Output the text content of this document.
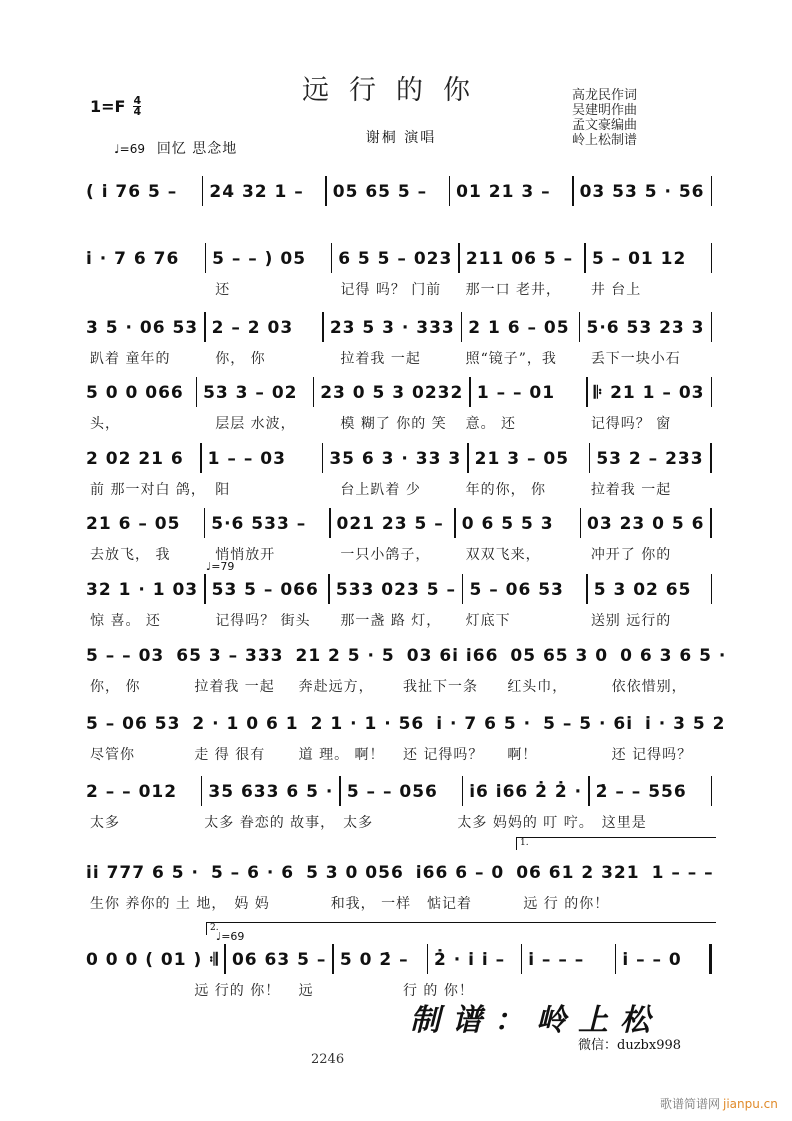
远行的你
$1=F \frac{4}{4}$
谢桐 演唱
♩=69 回忆 思念地
高龙民作词
吴建明作曲
孟文豪编曲
岭上松制谱
( i̇ 76 5 –	24 32 1 –	05 65 5 –	01 21 3 –	03 53 5 · 56
i̇ · 7 6 76	5 – – ) 05	6 5 5 – 023 211 06 5 –	5 – 01 12
还	记得 吗？ 门前	那一口 老井，	井 台上
3 5 · 06 53 2 – 2 03	23 5 3 · 333 2 1 6 – 05 5·6 53 23 3
趴着 童年的	你， 你	拉着我 一起	照“镜子”，我	丢下一块小石
5 0 0 066	53 3 – 02	23 0 5 3 0232 1 – – 01	𝄆 21 1 – 03
头，	层层 水波，	模 糊了 你的 笑	意。 还	记得吗？ 窗
2 02 21 6	1 – – 03	35 6 3 · 33 3 21 3 – 05	53 2 – 233
前 那一对白 鸽， 阳	台上趴着 少	年的你， 你	拉着我 一起
21 6 – 05	5·6 533 –	021 23 5 –	0 6 5 5 3	03 23 0 5 6
去放飞， 我	悄悄放开	一只小鸽子，	双双飞来，	冲开了 你的
♩=79
32 1 · 1 03 53 5 – 066	533 023 5 – 5 – 06 53	5 3 02 65
惊 喜。 还	记得吗？ 街头	那一盏 路 灯，	灯底下	送别 远行的
5 – – 03 65 3 – 333 21 2 5 · 5 03 6i̇ i̇66 05 65 3 0 0 6 3 6 5 ·
你， 你	拉着我 一起	奔赴远方，	我扯下一条	红头巾，	依依惜别，
5 – 06 53 2 · 1 0 6 1 2 1 · 1 · 56 i̇ · 7 6 5 · 5 – 5 · 6i̇ i̇ · 3 5 2
尽管你	走 得 很有	道 理。 啊！	还 记得吗？	啊！	还 记得吗？
2 – – 012	35 633 6 5 · 5 – – 056	i̇6 i̇66 2̇ 2̇ · 2̇ – – 556
太多	太多 眷恋的 故事， 太多	太多 妈妈的 叮 咛。 这里是
1.
i̇i̇ 777 6 5 · 5 – 6 · 6 5 3 0 056 i̇66 6 – 0 06 61 2 321 1 – – –
生你 养你的 土 地， 妈 妈	和我， 一样	惦记着	远 行 的你！
♩=69
2.
0 0 0 ( 01 ) 𝄇 06 63 5 – 5 0 2̇ –	2̇ · i̇ i̇ –	i̇ – – –	i̇ – – 0
远 行的 你！	远	行 的 你！
制谱：岭上松
微信：duzbx998
2246
歌谱简谱网 jianpu.cn
